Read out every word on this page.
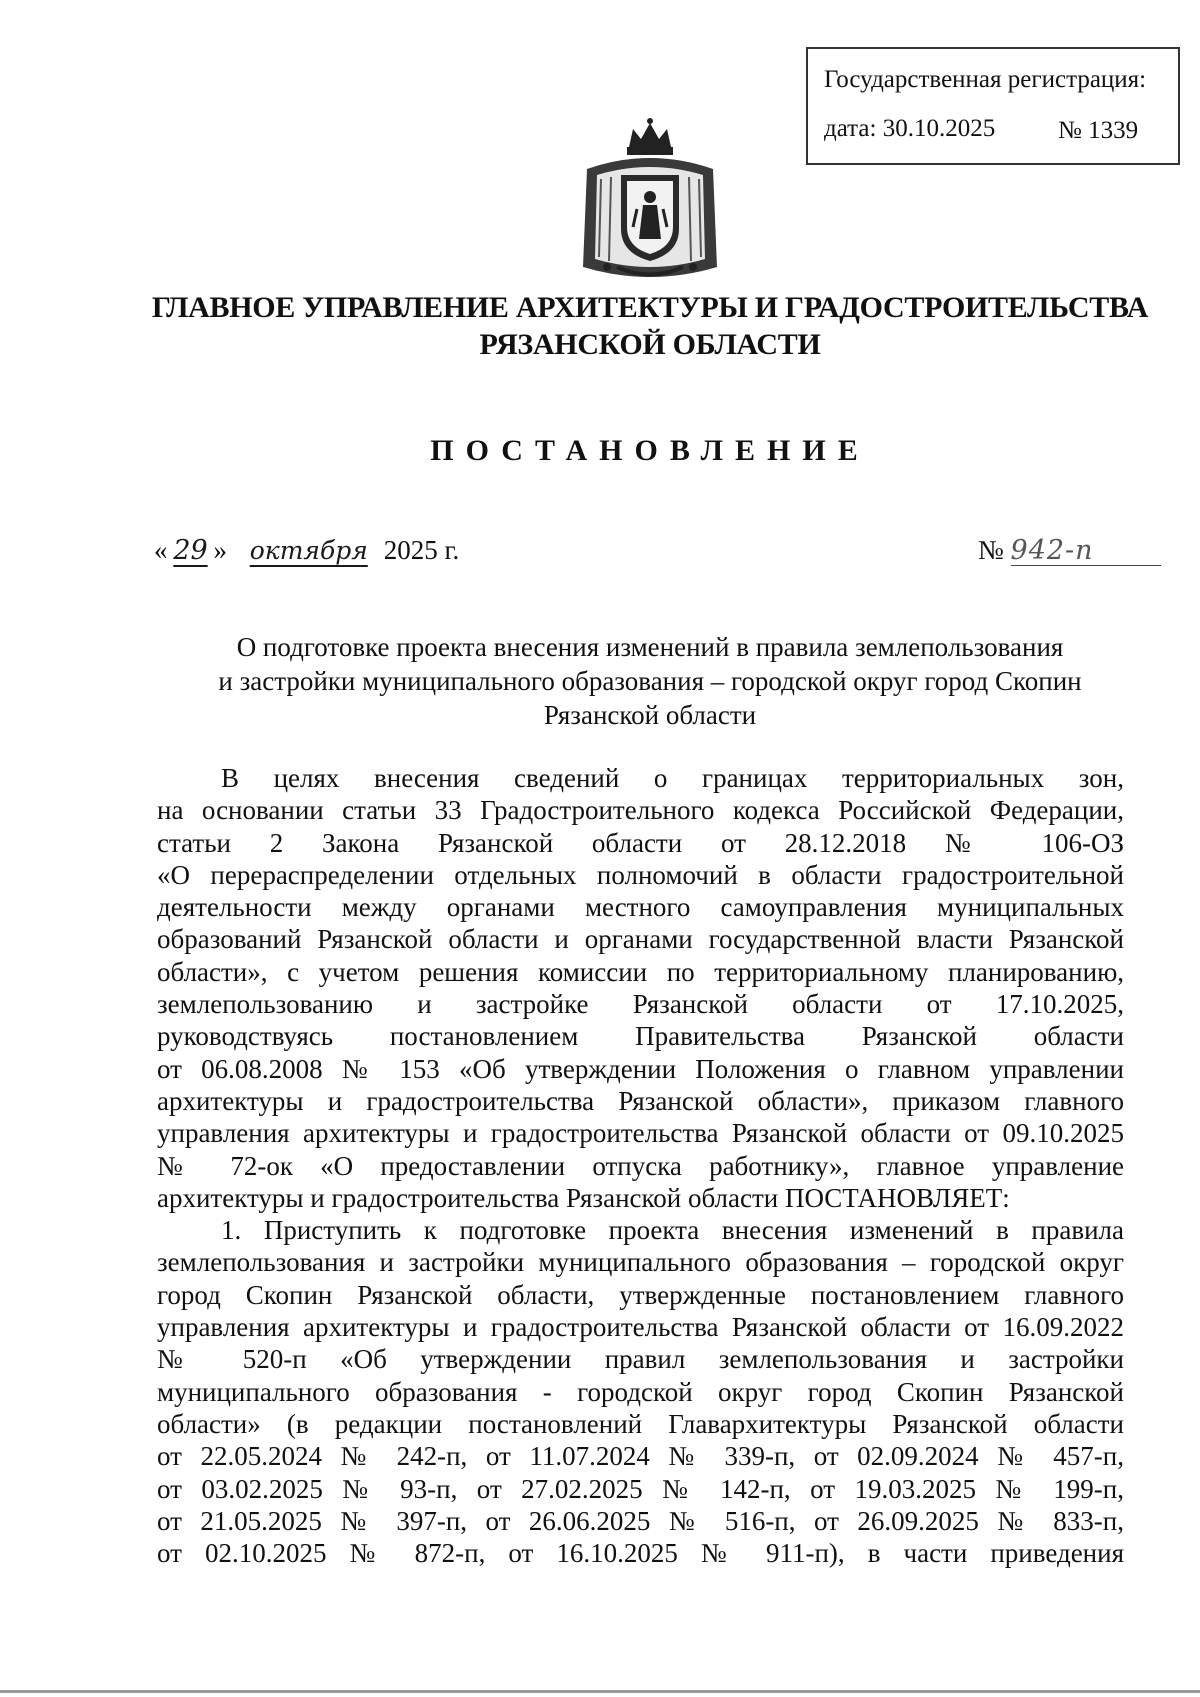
Государственная регистрация:
дата: 30.10.2025	№ 1339
ГЛАВНОЕ УПРАВЛЕНИЕ АРХИТЕКТУРЫ И ГРАДОСТРОИТЕЛЬСТВА
РЯЗАНСКОЙ ОБЛАСТИ
ПОСТАНОВЛЕНИЕ
« 29 » октября 2025 г.	№ 942-п
О подготовке проекта внесения изменений в правила землепользования
и застройки муниципального образования – городской округ город Скопин
Рязанской области
В целях внесения сведений о границах территориальных зон,
на основании статьи 33 Градостроительного кодекса Российской Федерации,
статьи 2 Закона Рязанской области от 28.12.2018 № 106-ОЗ
«О перераспределении отдельных полномочий в области градостроительной
деятельности между органами местного самоуправления муниципальных
образований Рязанской области и органами государственной власти Рязанской
области», с учетом решения комиссии по территориальному планированию,
землепользованию и застройке Рязанской области от 17.10.2025,
руководствуясь постановлением Правительства Рязанской области
от 06.08.2008 № 153 «Об утверждении Положения о главном управлении
архитектуры и градостроительства Рязанской области», приказом главного
управления архитектуры и градостроительства Рязанской области от 09.10.2025
№ 72-ок «О предоставлении отпуска работнику», главное управление
архитектуры и градостроительства Рязанской области ПОСТАНОВЛЯЕТ:
1. Приступить к подготовке проекта внесения изменений в правила
землепользования и застройки муниципального образования – городской округ
город Скопин Рязанской области, утвержденные постановлением главного
управления архитектуры и градостроительства Рязанской области от 16.09.2022
№ 520-п «Об утверждении правил землепользования и застройки
муниципального образования - городской округ город Скопин Рязанской
области» (в редакции постановлений Главархитектуры Рязанской области
от 22.05.2024 № 242-п, от 11.07.2024 № 339-п, от 02.09.2024 № 457-п,
от 03.02.2025 № 93-п, от 27.02.2025 № 142-п, от 19.03.2025 № 199-п,
от 21.05.2025 № 397-п, от 26.06.2025 № 516-п, от 26.09.2025 № 833-п,
от 02.10.2025 № 872-п, от 16.10.2025 № 911-п), в части приведения
